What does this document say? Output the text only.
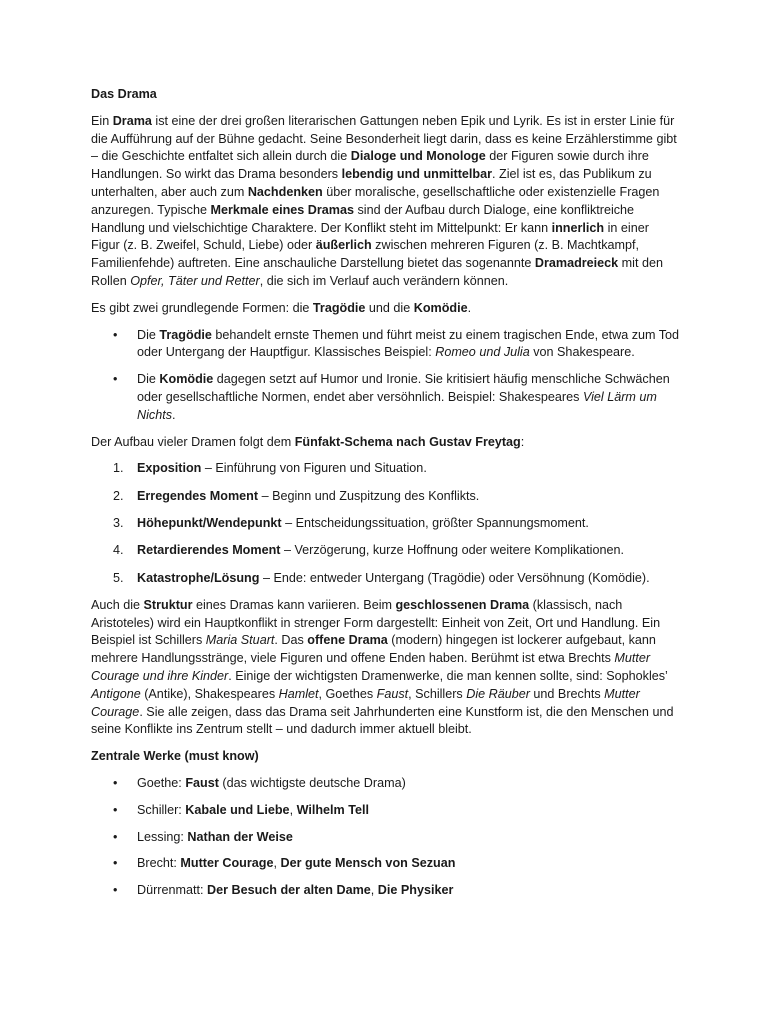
Das Drama

Ein Drama ist eine der drei großen literarischen Gattungen neben Epik und Lyrik. Es ist in erster Linie für die Aufführung auf der Bühne gedacht. Seine Besonderheit liegt darin, dass es keine Erzählerstimme gibt – die Geschichte entfaltet sich allein durch die Dialoge und Monologe der Figuren sowie durch ihre Handlungen. So wirkt das Drama besonders lebendig und unmittelbar. Ziel ist es, das Publikum zu unterhalten, aber auch zum Nachdenken über moralische, gesellschaftliche oder existenzielle Fragen anzuregen. Typische Merkmale eines Dramas sind der Aufbau durch Dialoge, eine konfliktreiche Handlung und vielschichtige Charaktere. Der Konflikt steht im Mittelpunkt: Er kann innerlich in einer Figur (z. B. Zweifel, Schuld, Liebe) oder äußerlich zwischen mehreren Figuren (z. B. Machtkampf, Familienfehde) auftreten. Eine anschauliche Darstellung bietet das sogenannte Dramadreieck mit den Rollen Opfer, Täter und Retter, die sich im Verlauf auch verändern können.

Es gibt zwei grundlegende Formen: die Tragödie und die Komödie.

• Die Tragödie behandelt ernste Themen und führt meist zu einem tragischen Ende, etwa zum Tod oder Untergang der Hauptfigur. Klassisches Beispiel: Romeo und Julia von Shakespeare.
• Die Komödie dagegen setzt auf Humor und Ironie. Sie kritisiert häufig menschliche Schwächen oder gesellschaftliche Normen, endet aber versöhnlich. Beispiel: Shakespeares Viel Lärm um Nichts.

Der Aufbau vieler Dramen folgt dem Fünfakt-Schema nach Gustav Freytag:

1. Exposition – Einführung von Figuren und Situation.
2. Erregendes Moment – Beginn und Zuspitzung des Konflikts.
3. Höhepunkt/Wendepunkt – Entscheidungssituation, größter Spannungsmoment.
4. Retardierendes Moment – Verzögerung, kurze Hoffnung oder weitere Komplikationen.
5. Katastrophe/Lösung – Ende: entweder Untergang (Tragödie) oder Versöhnung (Komödie).

Auch die Struktur eines Dramas kann variieren. Beim geschlossenen Drama (klassisch, nach Aristoteles) wird ein Hauptkonflikt in strenger Form dargestellt: Einheit von Zeit, Ort und Handlung. Ein Beispiel ist Schillers Maria Stuart. Das offene Drama (modern) hingegen ist lockerer aufgebaut, kann mehrere Handlungsstränge, viele Figuren und offene Enden haben. Berühmt ist etwa Brechts Mutter Courage und ihre Kinder. Einige der wichtigsten Dramenwerke, die man kennen sollte, sind: Sophokles’ Antigone (Antike), Shakespeares Hamlet, Goethes Faust, Schillers Die Räuber und Brechts Mutter Courage. Sie alle zeigen, dass das Drama seit Jahrhunderten eine Kunstform ist, die den Menschen und seine Konflikte ins Zentrum stellt – und dadurch immer aktuell bleibt.

Zentrale Werke (must know)

• Goethe: Faust (das wichtigste deutsche Drama)
• Schiller: Kabale und Liebe, Wilhelm Tell
• Lessing: Nathan der Weise
• Brecht: Mutter Courage, Der gute Mensch von Sezuan
• Dürrenmatt: Der Besuch der alten Dame, Die Physiker
